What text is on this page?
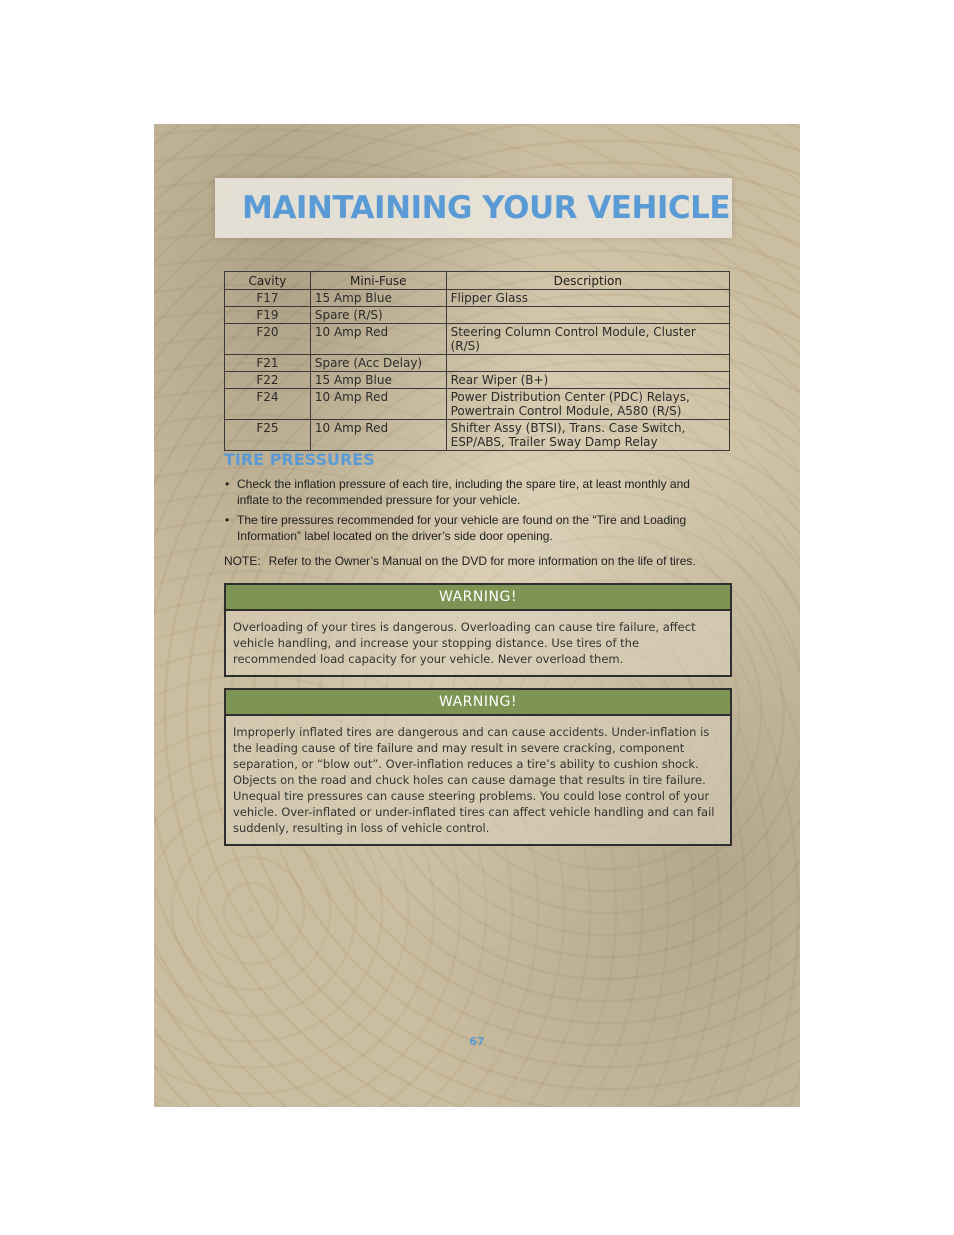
MAINTAINING YOUR VEHICLE
Cavity	Mini-Fuse	Description
F17	15 Amp Blue	Flipper Glass
F19	Spare (R/S)	
F20	10 Amp Red	Steering Column Control Module, Cluster (R/S)
F21	Spare (Acc Delay)	
F22	15 Amp Blue	Rear Wiper (B+)
F24	10 Amp Red	Power Distribution Center (PDC) Relays,
Powertrain Control Module, A580 (R/S)

F25	10 Amp Red	Shifter Assy (BTSI), Trans. Case Switch,
ESP/ABS, Trailer Sway Damp Relay
TIRE PRESSURES
• Check the inflation pressure of each tire, including the spare tire, at least monthly and inflate to the recommended pressure for your vehicle.
• The tire pressures recommended for your vehicle are found on the “Tire and Loading Information” label located on the driver’s side door opening.

NOTE: Refer to the Owner’s Manual on the DVD for more information on the life of tires.

WARNING!
Overloading of your tires is dangerous. Overloading can cause tire failure, affect vehicle handling, and increase your stopping distance. Use tires of the recommended load capacity for your vehicle. Never overload them.
WARNING!
Improperly inflated tires are dangerous and can cause accidents. Under-inflation is the leading cause of tire failure and may result in severe cracking, component separation, or “blow out”. Over-inflation reduces a tire’s ability to cushion shock. Objects on the road and chuck holes can cause damage that results in tire failure. Unequal tire pressures can cause steering problems. You could lose control of your vehicle. Over-inflated or under-inflated tires can affect vehicle handling and can fail suddenly, resulting in loss of vehicle control.
67
